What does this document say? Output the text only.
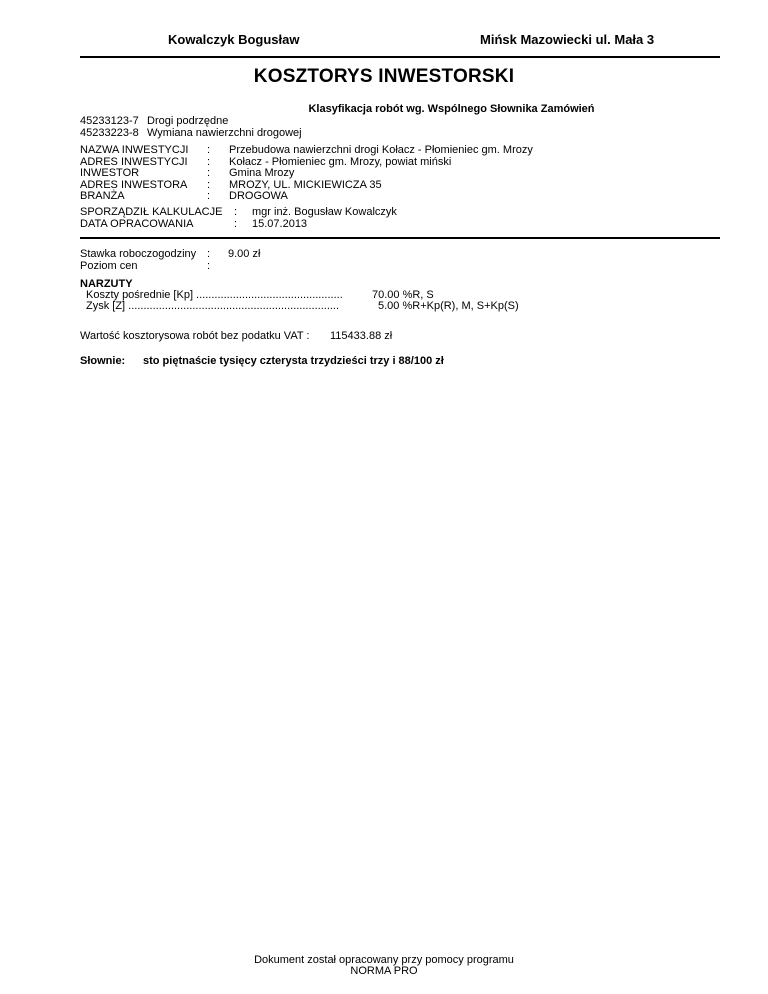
Kowalczyk Bogusław	Mińsk Mazowiecki ul. Mała 3
KOSZTORYS INWESTORSKI
Klasyfikacja robót wg. Wspólnego Słownika Zamówień
45233123-7 Drogi podrzędne
45233223-8 Wymiana nawierzchni drogowej
NAZWA INWESTYCJI : Przebudowa nawierzchni drogi Kołacz - Płomieniec gm. Mrozy
ADRES INWESTYCJI : Kołacz - Płomieniec gm. Mrozy, powiat miński
INWESTOR	: Gmina Mrozy
ADRES INWESTORA : MROZY, UL. MICKIEWICZA 35
BRANŻA	: DROGOWA
SPORZĄDZIŁ KALKULACJE : mgr inż. Bogusław Kowalczyk
DATA OPRACOWANIA	: 15.07.2013
Stawka roboczogodziny : 9.00 zł
Poziom cen	:
NARZUTY
Koszty pośrednie [Kp] ................................................	70.00 %R, S
Zysk [Z] .....................................................................	5.00 %R+Kp(R), M, S+Kp(S)
Wartość kosztorysowa robót bez podatku VAT : 115433.88 zł
Słownie: sto piętnaście tysięcy czterysta trzydzieści trzy i 88/100 zł
Dokument został opracowany przy pomocy programu
NORMA PRO
